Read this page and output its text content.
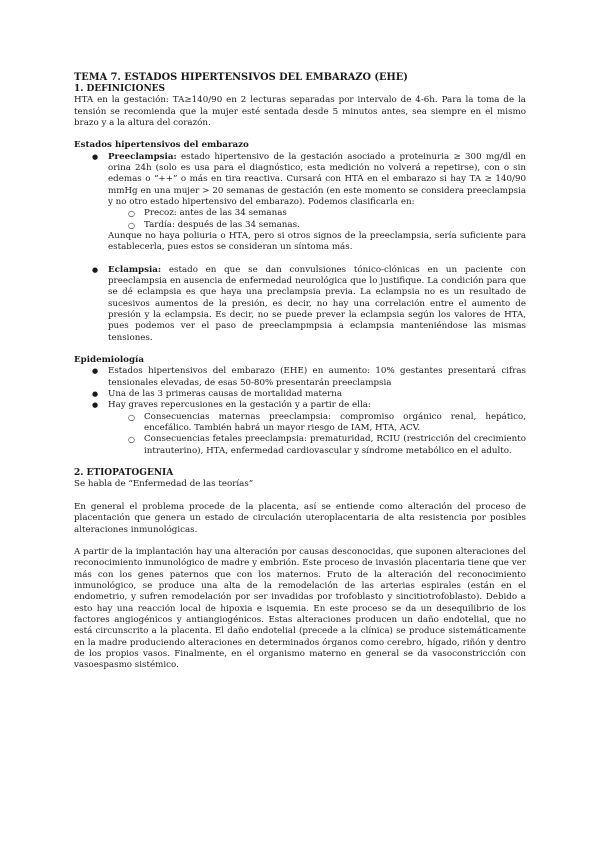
TEMA 7. ESTADOS HIPERTENSIVOS DEL EMBARAZO (EHE)
1. DEFINICIONES

HTA en la gestación: TA≥140/90 en 2 lecturas separadas por intervalo de 4-6h. Para la toma de la tensión se recomienda que la mujer esté sentada desde 5 minutos antes, sea siempre en el mismo brazo y a la altura del corazón.

Estados hipertensivos del embarazo
● Preeclampsia: estado hipertensivo de la gestación asociado a proteinuria ≥ 300 mg/dl en orina 24h (solo es usa para el diagnóstico, esta medición no volverá a repetirse), con o sin edemas o “++” o más en tira reactiva. Cursará con HTA en el embarazo si hay TA ≥ 140/90 mmHg en una mujer > 20 semanas de gestación (en este momento se considera preeclampsia y no otro estado hipertensivo del embarazo). Podemos clasificarla en:

○ Precoz: antes de las 34 semanas
○ Tardía: después de las 34 semanas.

Aunque no haya poliuria o HTA, pero si otros signos de la preeclampsia, sería suficiente para establecerla, pues estos se consideran un síntoma más.

● Eclampsia: estado en que se dan convulsiones tónico-clónicas en un paciente con preeclampsia en ausencia de enfermedad neurológica que lo justifique. La condición para que se dé eclampsia es que haya una preclampsia previa. La eclampsia no es un resultado de sucesivos aumentos de la presión, es decir, no hay una correlación entre el aumento de presión y la eclampsia. Es decir, no se puede prever la eclampsia según los valores de HTA, pues podemos ver el paso de preeclampmpsia a eclampsia manteniéndose las mismas tensiones.

Epidemiología
● Estados hipertensivos del embarazo (EHE) en aumento: 10% gestantes presentará cifras tensionales elevadas, de esas 50-80% presentarán preeclampsia

● Una de las 3 primeras causas de mortalidad materna

● Hay graves repercusiones en la gestación y a partir de ella:

○ Consecuencias maternas preeclampsia: compromiso orgánico renal, hepático, encefálico. También habrá un mayor riesgo de IAM, HTA, ACV.

○ Consecuencias fetales preeclampsia: prematuridad, RCIU (restricción del crecimiento intrauterino), HTA, enfermedad cardiovascular y síndrome metabólico en el adulto.

2. ETIOPATOGENIA

Se habla de “Enfermedad de las teorías”

En general el problema procede de la placenta, así se entiende como alteración del proceso de placentación que genera un estado de circulación uteroplacentaria de alta resistencia por posibles alteraciones inmunológicas.

A partir de la implantación hay una alteración por causas desconocidas, que suponen alteraciones del reconocimiento inmunológico de madre y embrión. Este proceso de invasión placentaria tiene que ver más con los genes paternos que con los maternos. Fruto de la alteración del reconocimiento inmunológico, se produce una alta de la remodelación de las arterias espirales (están en el endometrio, y sufren remodelación por ser invadidas por trofoblasto y sincitiotrofoblasto). Debido a esto hay una reacción local de hipoxia e isquemia. En este proceso se da un desequilibrio de los factores angiogénicos y antiangiogénicos. Estas alteraciones producen un daño endotelial, que no está circunscrito a la placenta. El daño endotelial (precede a la clínica) se produce sistemáticamente en la madre produciendo alteraciones en determinados órganos como cerebro, hígado, riñón y dentro de los propios vasos. Finalmente, en el organismo materno en general se da vasoconstricción con vasoespasmo sistémico.
